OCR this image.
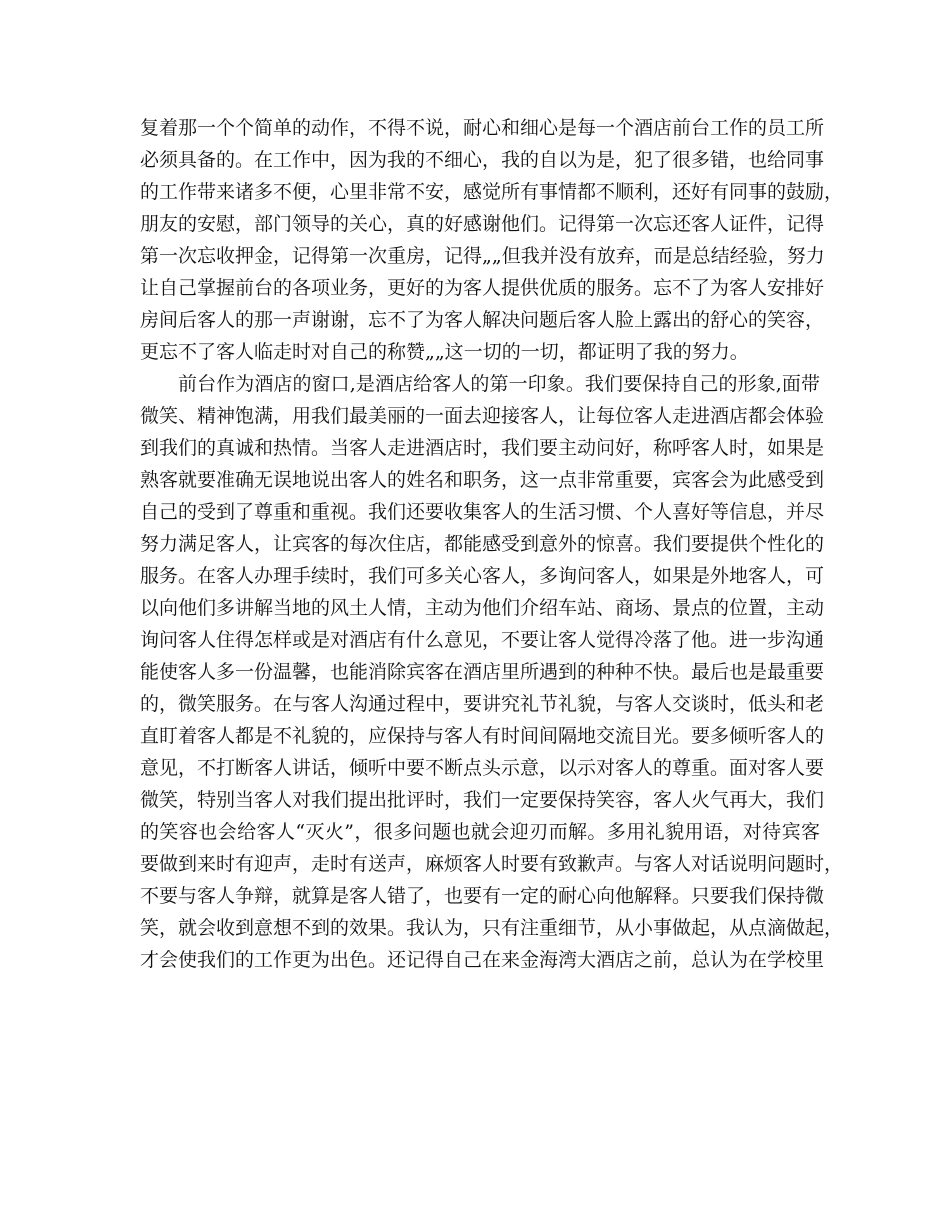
复着那一个个简单的动作，不得不说，耐心和细心是每一个酒店前台工作的员工所
必须具备的。在工作中，因为我的不细心，我的自以为是，犯了很多错，也给同事
的工作带来诸多不便，心里非常不安，感觉所有事情都不顺利，还好有同事的鼓励，
朋友的安慰，部门领导的关心，真的好感谢他们。记得第一次忘还客人证件，记得
第一次忘收押金，记得第一次重房，记得„„但我并没有放弃，而是总结经验，努力
让自己掌握前台的各项业务，更好的为客人提供优质的服务。忘不了为客人安排好
房间后客人的那一声谢谢，忘不了为客人解决问题后客人脸上露出的舒心的笑容，
更忘不了客人临走时对自己的称赞„„这一切的一切，都证明了我的努力。
前台作为酒店的窗口,是酒店给客人的第一印象。我们要保持自己的形象,面带
微笑、精神饱满，用我们最美丽的一面去迎接客人，让每位客人走进酒店都会体验
到我们的真诚和热情。当客人走进酒店时，我们要主动问好，称呼客人时，如果是
熟客就要准确无误地说出客人的姓名和职务，这一点非常重要，宾客会为此感受到
自己的受到了尊重和重视。我们还要收集客人的生活习惯、个人喜好等信息，并尽
努力满足客人，让宾客的每次住店，都能感受到意外的惊喜。我们要提供个性化的
服务。在客人办理手续时，我们可多关心客人，多询问客人，如果是外地客人，可
以向他们多讲解当地的风土人情，主动为他们介绍车站、商场、景点的位置，主动
询问客人住得怎样或是对酒店有什么意见，不要让客人觉得冷落了他。进一步沟通
能使客人多一份温馨，也能消除宾客在酒店里所遇到的种种不快。最后也是最重要
的，微笑服务。在与客人沟通过程中，要讲究礼节礼貌，与客人交谈时，低头和老
直盯着客人都是不礼貌的，应保持与客人有时间间隔地交流目光。要多倾听客人的
意见，不打断客人讲话，倾听中要不断点头示意，以示对客人的尊重。面对客人要
微笑，特别当客人对我们提出批评时，我们一定要保持笑容，客人火气再大，我们
的笑容也会给客人“灭火”，很多问题也就会迎刃而解。多用礼貌用语，对待宾客
要做到来时有迎声，走时有送声，麻烦客人时要有致歉声。与客人对话说明问题时，
不要与客人争辩，就算是客人错了，也要有一定的耐心向他解释。只要我们保持微
笑，就会收到意想不到的效果。我认为，只有注重细节，从小事做起，从点滴做起，
才会使我们的工作更为出色。还记得自己在来金海湾大酒店之前，总认为在学校里
